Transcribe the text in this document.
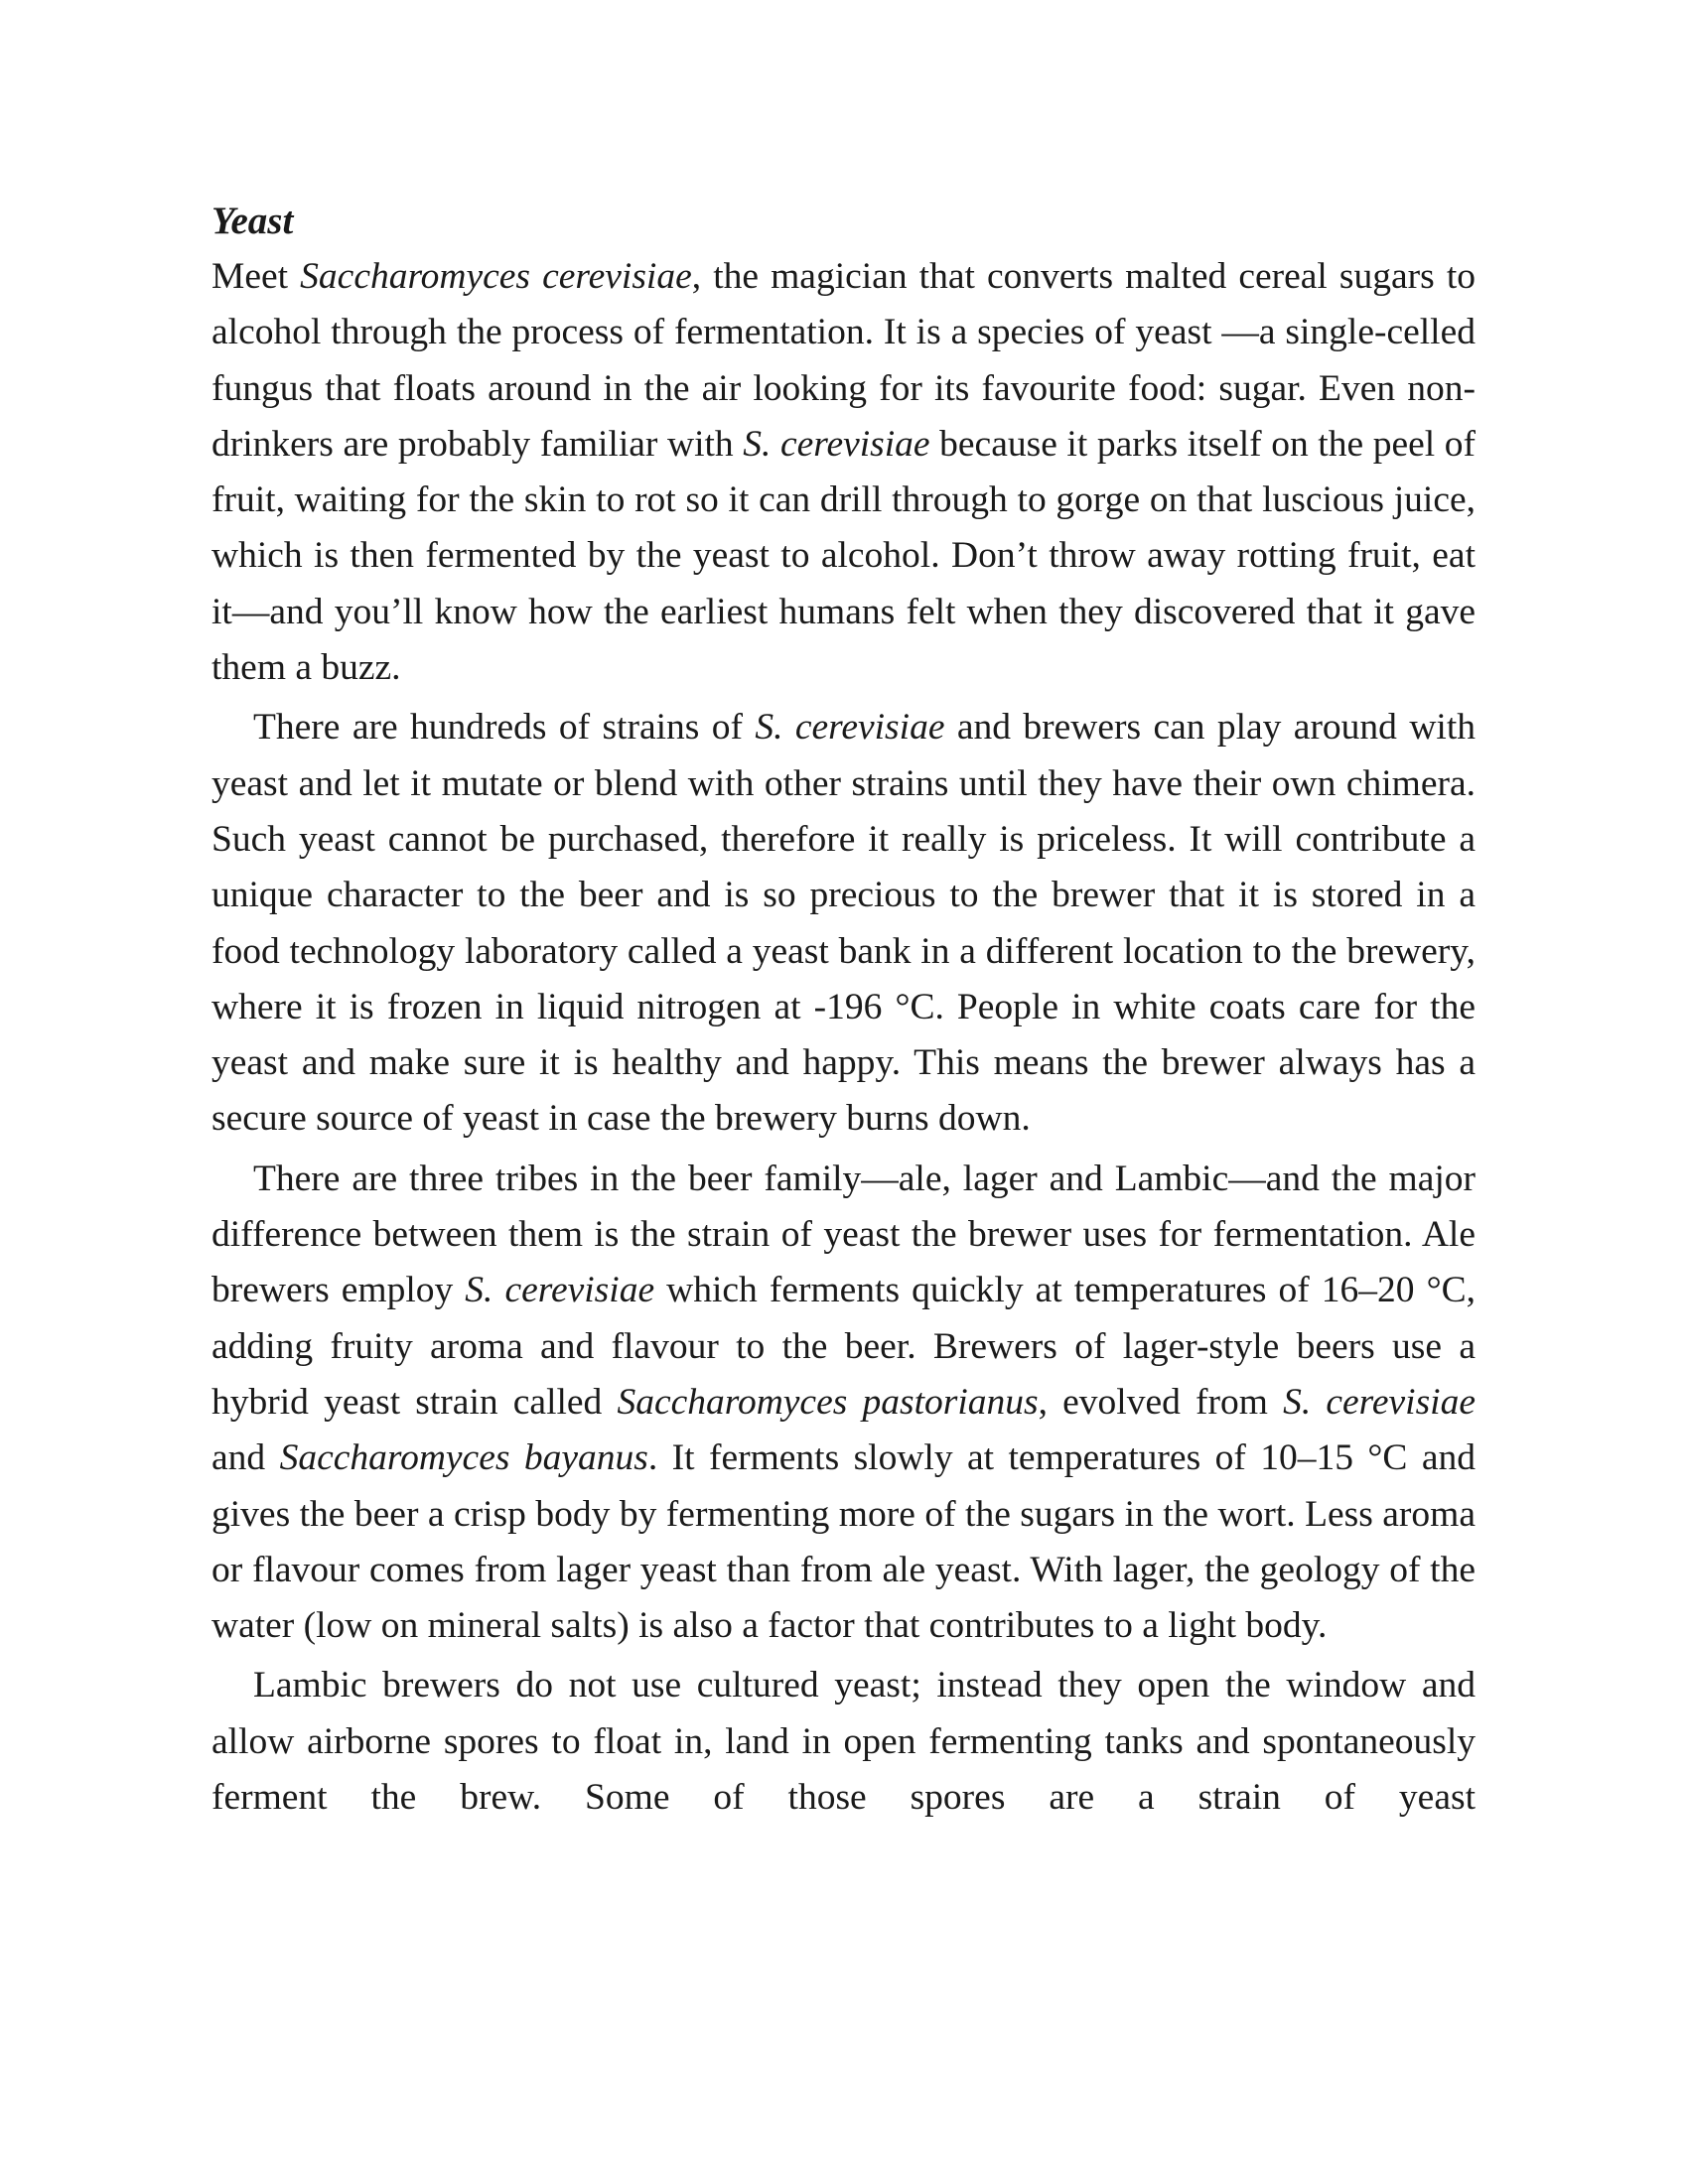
Yeast

Meet Saccharomyces cerevisiae, the magician that converts malted cereal sugars to alcohol through the process of fermentation. It is a species of yeast —a single-celled fungus that floats around in the air looking for its favourite food: sugar. Even non-drinkers are probably familiar with S. cerevisiae because it parks itself on the peel of fruit, waiting for the skin to rot so it can drill through to gorge on that luscious juice, which is then fermented by the yeast to alcohol. Don’t throw away rotting fruit, eat it—and you’ll know how the earliest humans felt when they discovered that it gave them a buzz.

There are hundreds of strains of S. cerevisiae and brewers can play around with yeast and let it mutate or blend with other strains until they have their own chimera. Such yeast cannot be purchased, therefore it really is priceless. It will contribute a unique character to the beer and is so precious to the brewer that it is stored in a food technology laboratory called a yeast bank in a different location to the brewery, where it is frozen in liquid nitrogen at -196 °C. People in white coats care for the yeast and make sure it is healthy and happy. This means the brewer always has a secure source of yeast in case the brewery burns down.

There are three tribes in the beer family—ale, lager and Lambic—and the major difference between them is the strain of yeast the brewer uses for fermentation. Ale brewers employ S. cerevisiae which ferments quickly at temperatures of 16–20 °C, adding fruity aroma and flavour to the beer. Brewers of lager-style beers use a hybrid yeast strain called Saccharomyces pastorianus, evolved from S. cerevisiae and Saccharomyces bayanus. It ferments slowly at temperatures of 10–15 °C and gives the beer a crisp body by fermenting more of the sugars in the wort. Less aroma or flavour comes from lager yeast than from ale yeast. With lager, the geology of the water (low on mineral salts) is also a factor that contributes to a light body.

Lambic brewers do not use cultured yeast; instead they open the window and allow airborne spores to float in, land in open fermenting tanks and spontaneously ferment the brew. Some of those spores are a strain of yeast
